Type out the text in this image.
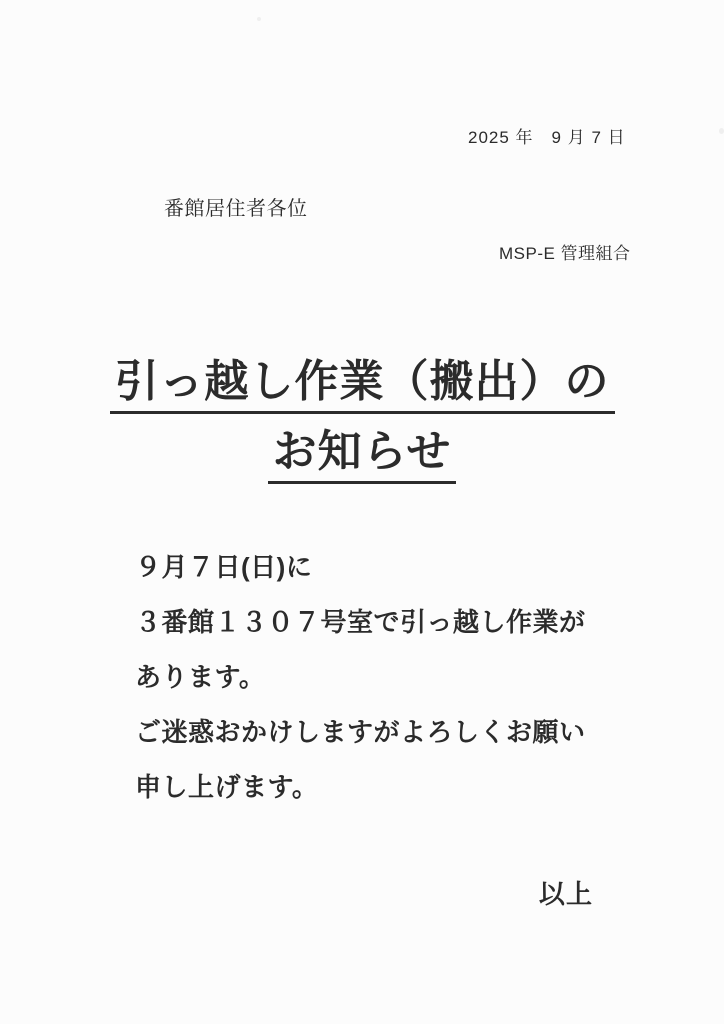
2025 年　9 月 7 日
番館居住者各位
MSP-E 管理組合
引っ越し作業（搬出）の
お知らせ
９月７日(日)に
３番館１３０７号室で引っ越し作業が
あります。
ご迷惑おかけしますがよろしくお願い
申し上げます。
以上
